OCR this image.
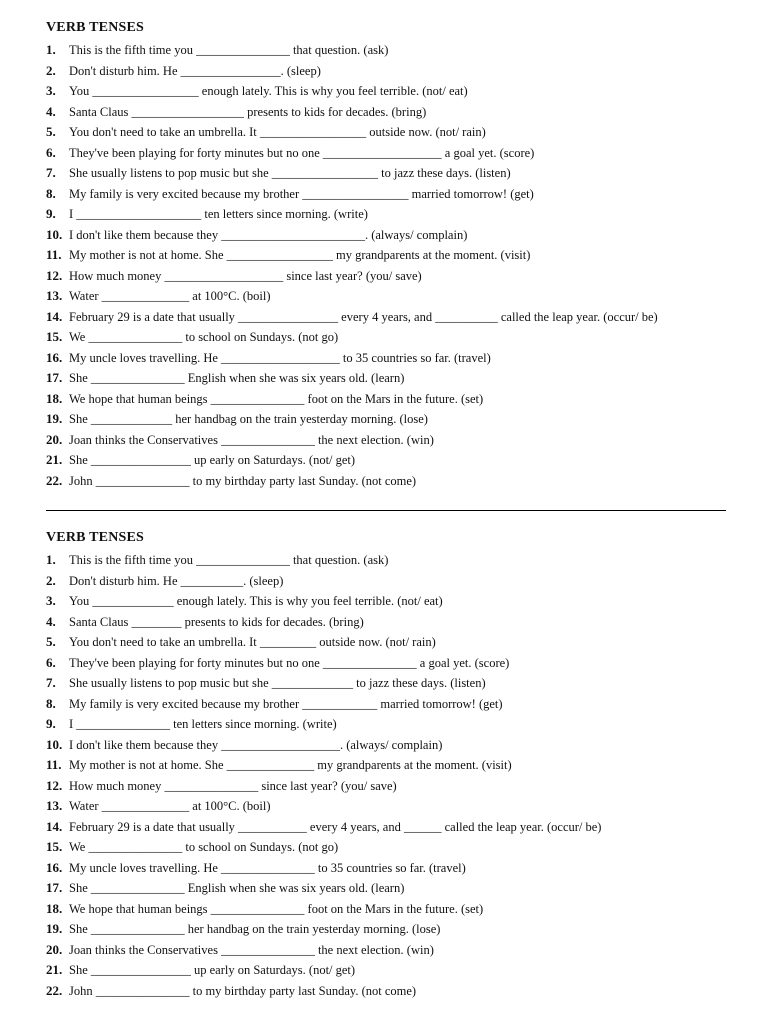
VERB TENSES
1.	This is the fifth time you _______________ that question. (ask)
2.	Don't disturb him. He ________________. (sleep)
3.	You _________________ enough lately. This is why you feel terrible. (not/ eat)
4.	Santa Claus __________________ presents to kids for decades. (bring)
5.	You don't need to take an umbrella. It _________________ outside now. (not/ rain)
6.	They've been playing for forty minutes but no one ___________________ a goal yet. (score)
7.	She usually listens to pop music but she _________________ to jazz these days. (listen)
8.	My family is very excited because my brother _________________ married tomorrow! (get)
9.	I ____________________ ten letters since morning. (write)
10. I don't like them because they _______________________. (always/ complain)
11. My mother is not at home. She _________________ my grandparents at the moment. (visit)
12. How much money ___________________ since last year? (you/ save)
13. Water ______________ at 100°C. (boil)
14. February 29 is a date that usually ________________ every 4 years, and __________ called the leap year. (occur/ be)
15. We _______________ to school on Sundays. (not go)
16. My uncle loves travelling. He ___________________ to 35 countries so far. (travel)
17. She _______________ English when she was six years old. (learn)
18. We hope that human beings _______________ foot on the Mars in the future. (set)
19. She _____________ her handbag on the train yesterday morning. (lose)
20. Joan thinks the Conservatives _______________ the next election. (win)
21. She ________________ up early on Saturdays. (not/ get)
22. John _______________ to my birthday party last Sunday. (not come)
VERB TENSES
1.	This is the fifth time you _______________ that question. (ask)
2.	Don't disturb him. He __________. (sleep)
3.	You _____________ enough lately. This is why you feel terrible. (not/ eat)
4.	Santa Claus ________ presents to kids for decades. (bring)
5.	You don't need to take an umbrella. It _________ outside now. (not/ rain)
6.	They've been playing for forty minutes but no one _______________ a goal yet. (score)
7.	She usually listens to pop music but she _____________ to jazz these days. (listen)
8.	My family is very excited because my brother ____________ married tomorrow! (get)
9.	I _______________ ten letters since morning. (write)
10. I don't like them because they ___________________. (always/ complain)
11. My mother is not at home. She ______________ my grandparents at the moment. (visit)
12. How much money _______________ since last year? (you/ save)
13. Water ______________ at 100°C. (boil)
14. February 29 is a date that usually ___________ every 4 years, and ______ called the leap year. (occur/ be)
15. We _______________ to school on Sundays. (not go)
16. My uncle loves travelling. He _______________ to 35 countries so far. (travel)
17. She _______________ English when she was six years old. (learn)
18. We hope that human beings _______________ foot on the Mars in the future. (set)
19. She _______________ her handbag on the train yesterday morning. (lose)
20. Joan thinks the Conservatives _______________ the next election. (win)
21. She ________________ up early on Saturdays. (not/ get)
22. John _______________ to my birthday party last Sunday. (not come)
